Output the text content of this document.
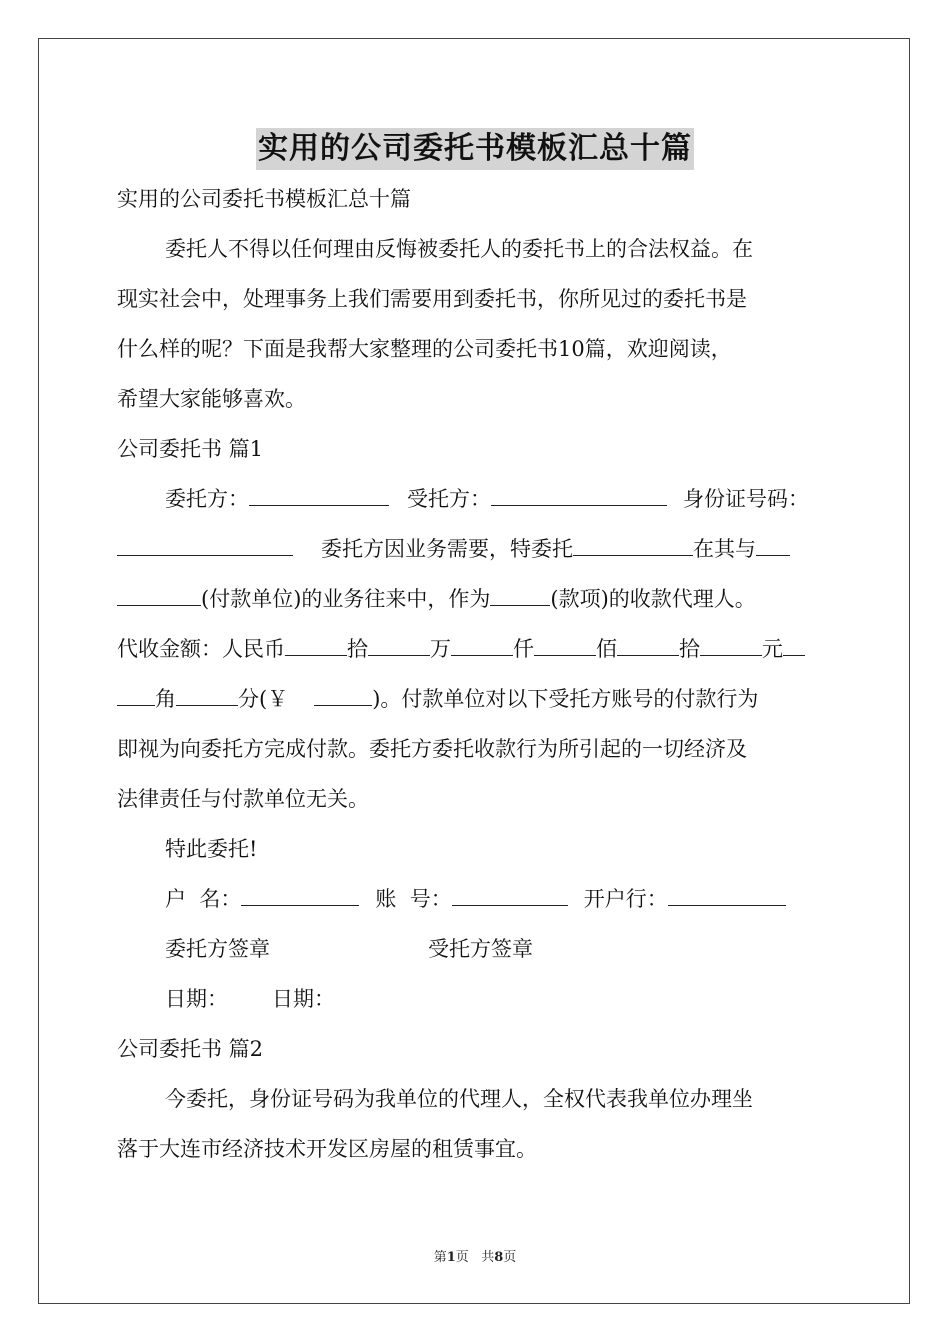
实用的公司委托书模板汇总十篇
实用的公司委托书模板汇总十篇
委托人不得以任何理由反悔被委托人的委托书上的合法权益。在
现实社会中，处理事务上我们需要用到委托书，你所见过的委托书是
什么样的呢？下面是我帮大家整理的公司委托书10篇，欢迎阅读，
希望大家能够喜欢。
公司委托书 篇1
委托方：	受托方：	身份证号码：
委托方因业务需要，特委托	在其与
(付款单位)的业务往来中，作为	(款项)的收款代理人。
代收金额：人民币	拾	万	仟	佰	拾	元
角	分(￥	)。付款单位对以下受托方账号的付款行为
即视为向委托方完成付款。委托方委托收款行为所引起的一切经济及
法律责任与付款单位无关。
特此委托!
户  名：	账  号：	开户行：
委托方签章	受托方签章
日期： 日期：
公司委托书 篇2
今委托，身份证号码为我单位的代理人，全权代表我单位办理坐
落于大连市经济技术开发区房屋的租赁事宜。
第1页   共8页
